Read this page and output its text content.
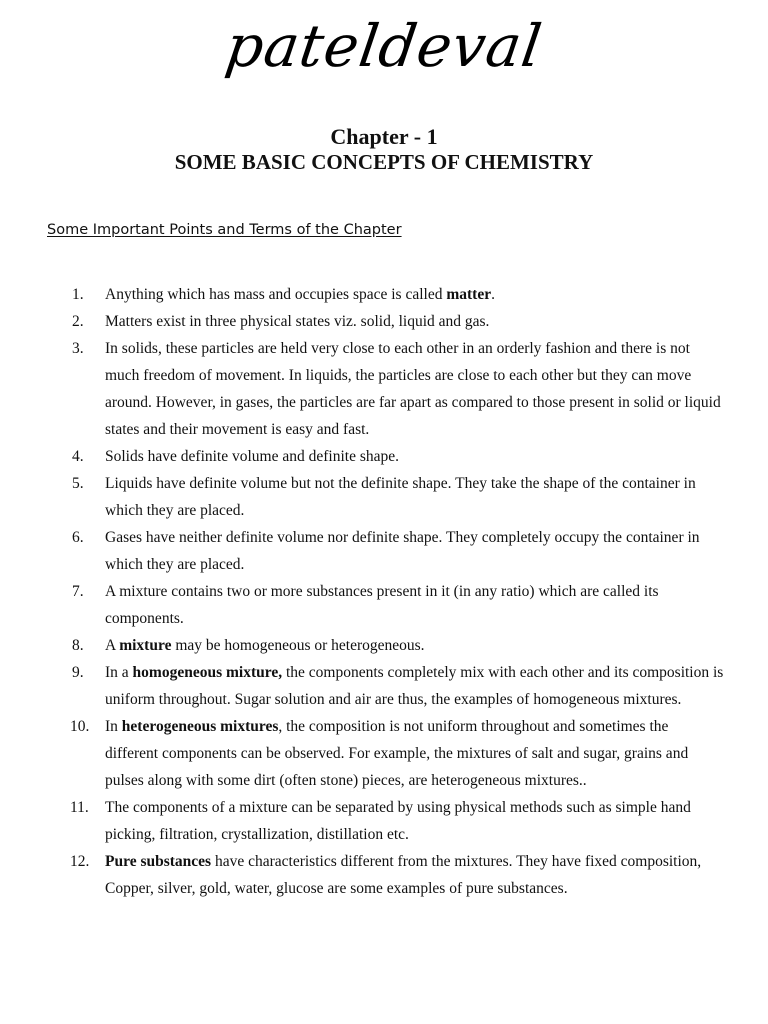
pateldeval
Chapter - 1
SOME BASIC CONCEPTS OF CHEMISTRY
Some Important Points and Terms of the Chapter
1.	Anything which has mass and occupies space is called matter.
2.	Matters exist in three physical states viz. solid, liquid and gas.
3.	In solids, these particles are held very close to each other in an orderly fashion and there is not much freedom of movement. In liquids, the particles are close to each other but they can move around. However, in gases, the particles are far apart as compared to those present in solid or liquid states and their movement is easy and fast.
4.	Solids have definite volume and definite shape.
5.	Liquids have definite volume but not the definite shape. They take the shape of the container in which they are placed.
6.	Gases have neither definite volume nor definite shape. They completely occupy the container in which they are placed.
7.	A mixture contains two or more substances present in it (in any ratio) which are called its components.
8.	A mixture may be homogeneous or heterogeneous.
9.	In a homogeneous mixture, the components completely mix with each other and its composition is uniform throughout. Sugar solution and air are thus, the examples of homogeneous mixtures.
10.	In heterogeneous mixtures, the composition is not uniform throughout and sometimes the different components can be observed. For example, the mixtures of salt and sugar, grains and pulses along with some dirt (often stone) pieces, are heterogeneous mixtures..
11.	The components of a mixture can be separated by using physical methods such as simple hand picking, filtration, crystallization, distillation etc.
12.	Pure substances have characteristics different from the mixtures. They have fixed composition, Copper, silver, gold, water, glucose are some examples of pure substances.
